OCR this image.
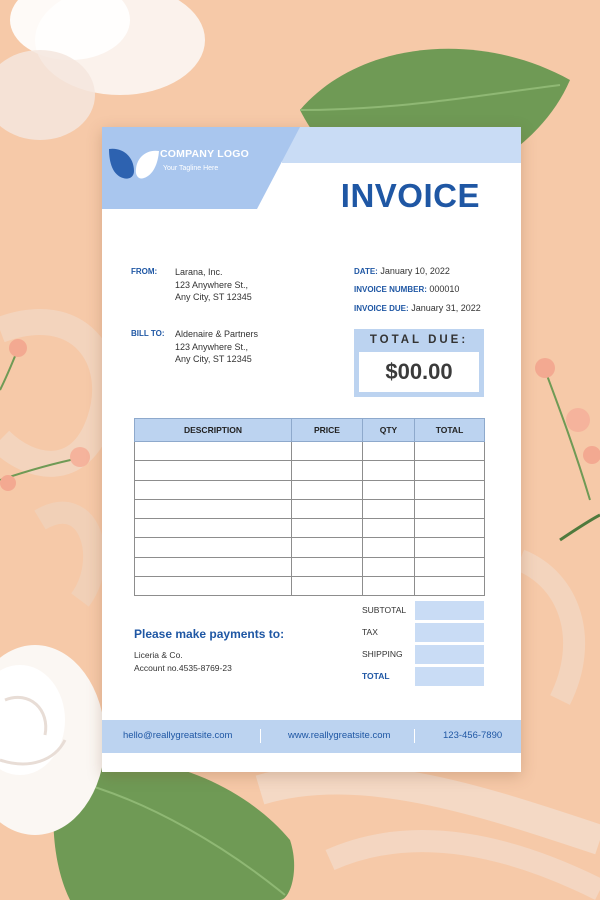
COMPANY LOGO
Your Tagline Here
INVOICE
FROM: Larana, Inc.
123 Anywhere St.,
Any City, ST 12345
BILL TO: Aldenaire & Partners
123 Anywhere St.,
Any City, ST 12345
DATE: January 10, 2022
INVOICE NUMBER: 000010
INVOICE DUE: January 31, 2022
TOTAL DUE:
$00.00
DESCRIPTION	PRICE	QTY	TOTAL

SUBTOTAL
TAX
SHIPPING
TOTAL
Please make payments to:
Liceria & Co.
Account no.4535-8769-23
hello@reallygreatsite.com	www.reallygreatsite.com	123-456-7890
